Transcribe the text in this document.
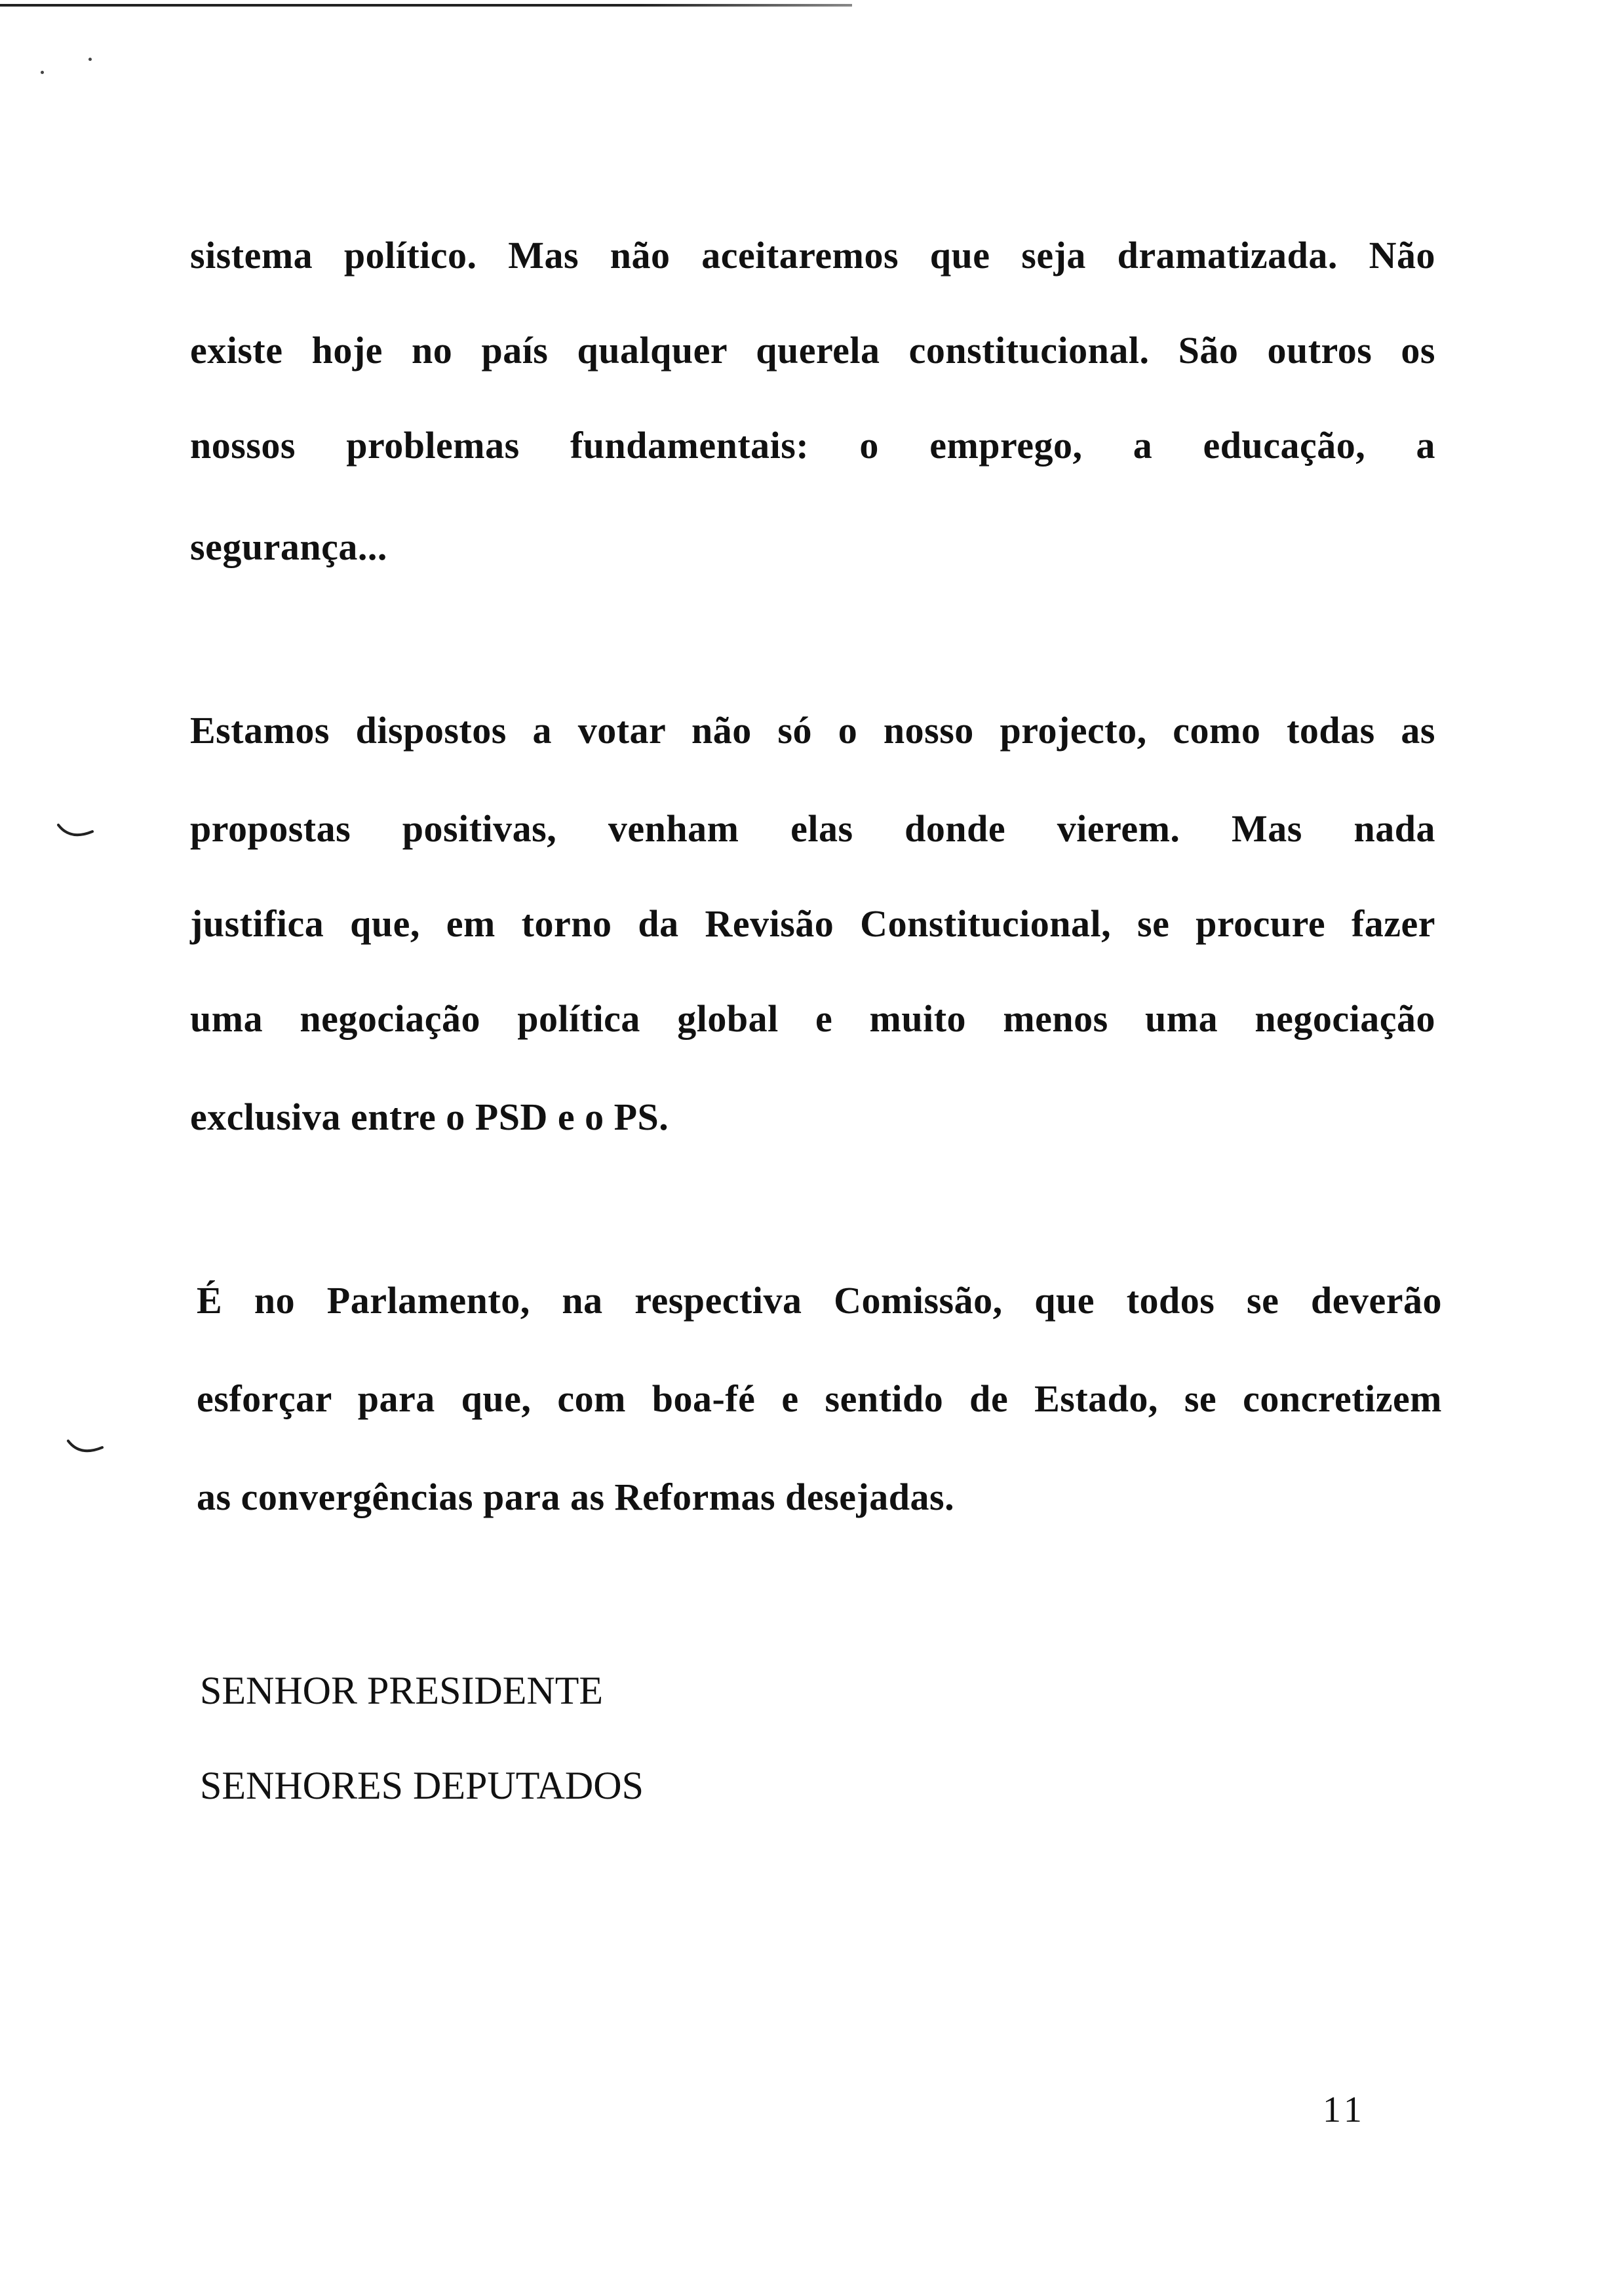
sistema político. Mas não aceitaremos que seja dramatizada. Não

existe hoje no país qualquer querela constitucional. São outros os

nossos problemas fundamentais: o emprego, a educação, a

segurança...

Estamos dispostos a votar não só o nosso projecto, como todas as

propostas positivas, venham elas donde vierem. Mas nada

justifica que, em torno da Revisão Constitucional, se procure fazer

uma negociação política global e muito menos uma negociação

exclusiva entre o PSD e o PS.

É no Parlamento, na respectiva Comissão, que todos se deverão

esforçar para que, com boa-fé e sentido de Estado, se concretizem

as convergências para as Reformas desejadas.

SENHOR PRESIDENTE

SENHORES DEPUTADOS

11
